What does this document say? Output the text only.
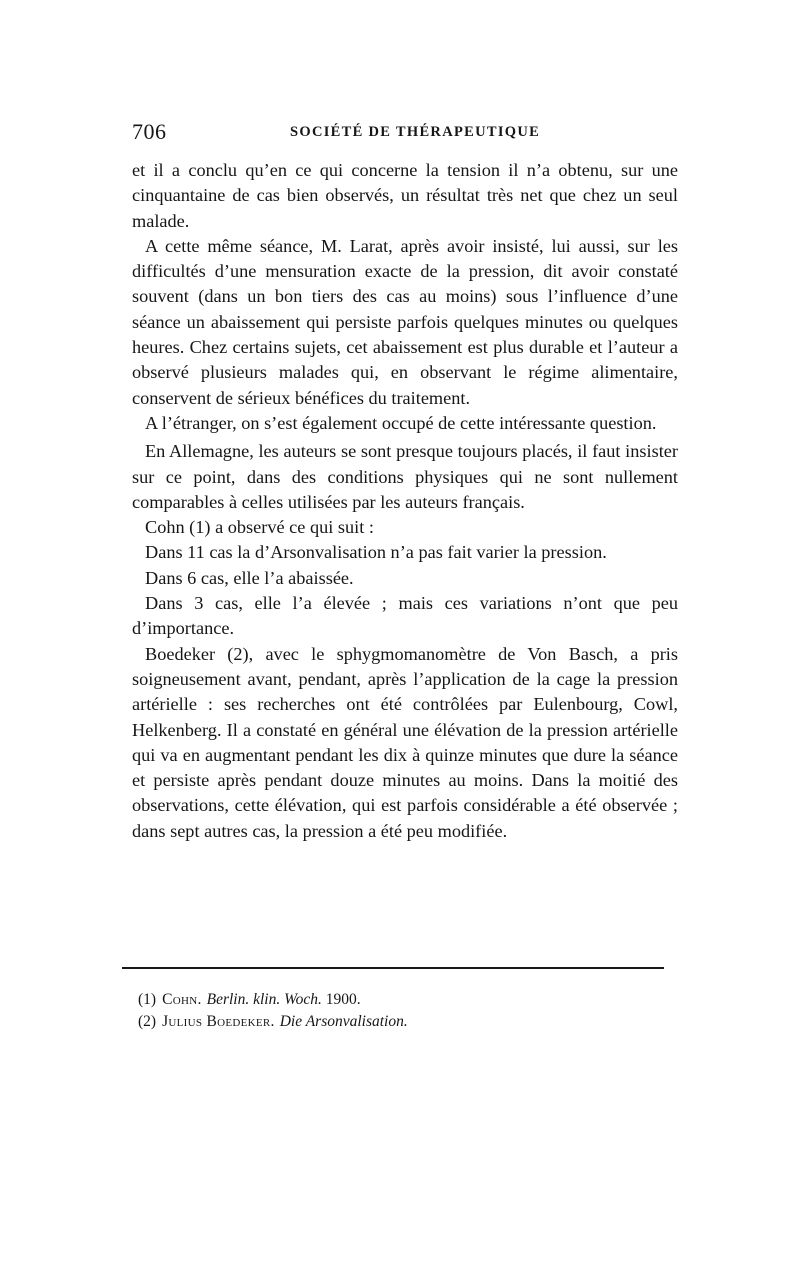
706	SOCIÉTÉ DE THÉRAPEUTIQUE

et il a conclu qu’en ce qui concerne la tension il n’a obtenu, sur une cinquantaine de cas bien observés, un résultat très net que chez un seul malade.

A cette même séance, M. Larat, après avoir insisté, lui aussi, sur les difficultés d’une mensuration exacte de la pression, dit avoir constaté souvent (dans un bon tiers des cas au moins) sous l’influence d’une séance un abaissement qui persiste parfois quelques minutes ou quelques heures. Chez certains sujets, cet abaissement est plus durable et l’auteur a observé plusieurs malades qui, en observant le régime alimentaire, conservent de sérieux bénéfices du traitement.

A l’étranger, on s’est également occupé de cette intéressante question.

En Allemagne, les auteurs se sont presque toujours placés, il faut insister sur ce point, dans des conditions physiques qui ne sont nullement comparables à celles utilisées par les auteurs français.

Cohn (1) a observé ce qui suit :

Dans 11 cas la d’Arsonvalisation n’a pas fait varier la pression.

Dans 6 cas, elle l’a abaissée.

Dans 3 cas, elle l’a élevée ; mais ces variations n’ont que peu d’importance.

Boedeker (2), avec le sphygmomanomètre de Von Basch, a pris soigneusement avant, pendant, après l’application de la cage la pression artérielle : ses recherches ont été contrôlées par Eulenbourg, Cowl, Helkenberg. Il a constaté en général une élévation de la pression artérielle qui va en augmentant pendant les dix à quinze minutes que dure la séance et persiste après pendant douze minutes au moins. Dans la moitié des observations, cette élévation, qui est parfois considérable a été observée ; dans sept autres cas, la pression a été peu modifiée.

(1) Cohn. Berlin. klin. Woch. 1900.
(2) Julius Boedeker. Die Arsonvalisation.
